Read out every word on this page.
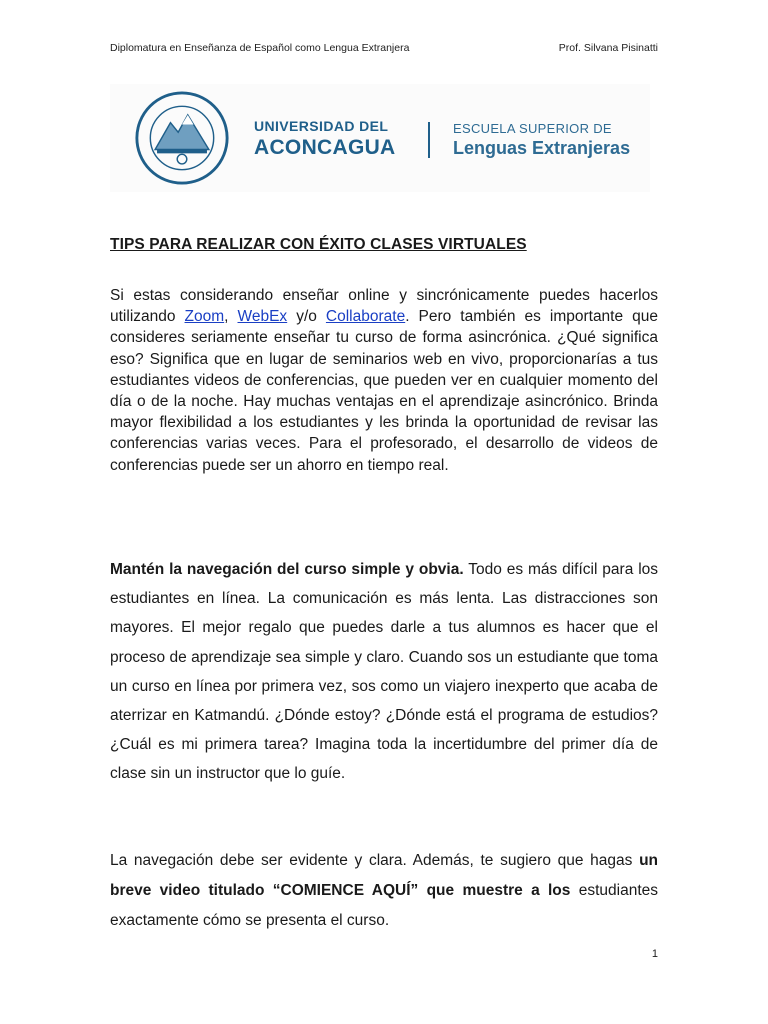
Diplomatura en Enseñanza de Español como Lengua Extranjera	Prof. Silvana Pisinatti
UNIVERSIDAD DEL
ACONCAGUA
ESCUELA SUPERIOR DE
Lenguas Extranjeras
TIPS PARA REALIZAR CON ÉXITO CLASES VIRTUALES

Si estas considerando enseñar online y sincrónicamente puedes hacerlos utilizando Zoom, WebEx y/o Collaborate. Pero también es importante que consideres seriamente enseñar tu curso de forma asincrónica. ¿Qué significa eso? Significa que en lugar de seminarios web en vivo, proporcionarías a tus estudiantes videos de conferencias, que pueden ver en cualquier momento del día o de la noche. Hay muchas ventajas en el aprendizaje asincrónico. Brinda mayor flexibilidad a los estudiantes y les brinda la oportunidad de revisar las conferencias varias veces. Para el profesorado, el desarrollo de videos de conferencias puede ser un ahorro en tiempo real.

Mantén la navegación del curso simple y obvia. Todo es más difícil para los estudiantes en línea. La comunicación es más lenta. Las distracciones son mayores. El mejor regalo que puedes darle a tus alumnos es hacer que el proceso de aprendizaje sea simple y claro. Cuando sos un estudiante que toma un curso en línea por primera vez, sos como un viajero inexperto que acaba de aterrizar en Katmandú. ¿Dónde estoy? ¿Dónde está el programa de estudios? ¿Cuál es mi primera tarea? Imagina toda la incertidumbre del primer día de clase sin un instructor que lo guíe.

La navegación debe ser evidente y clara. Además, te sugiero que hagas un breve video titulado “COMIENCE AQUÍ” que muestre a los estudiantes exactamente cómo se presenta el curso.

1
